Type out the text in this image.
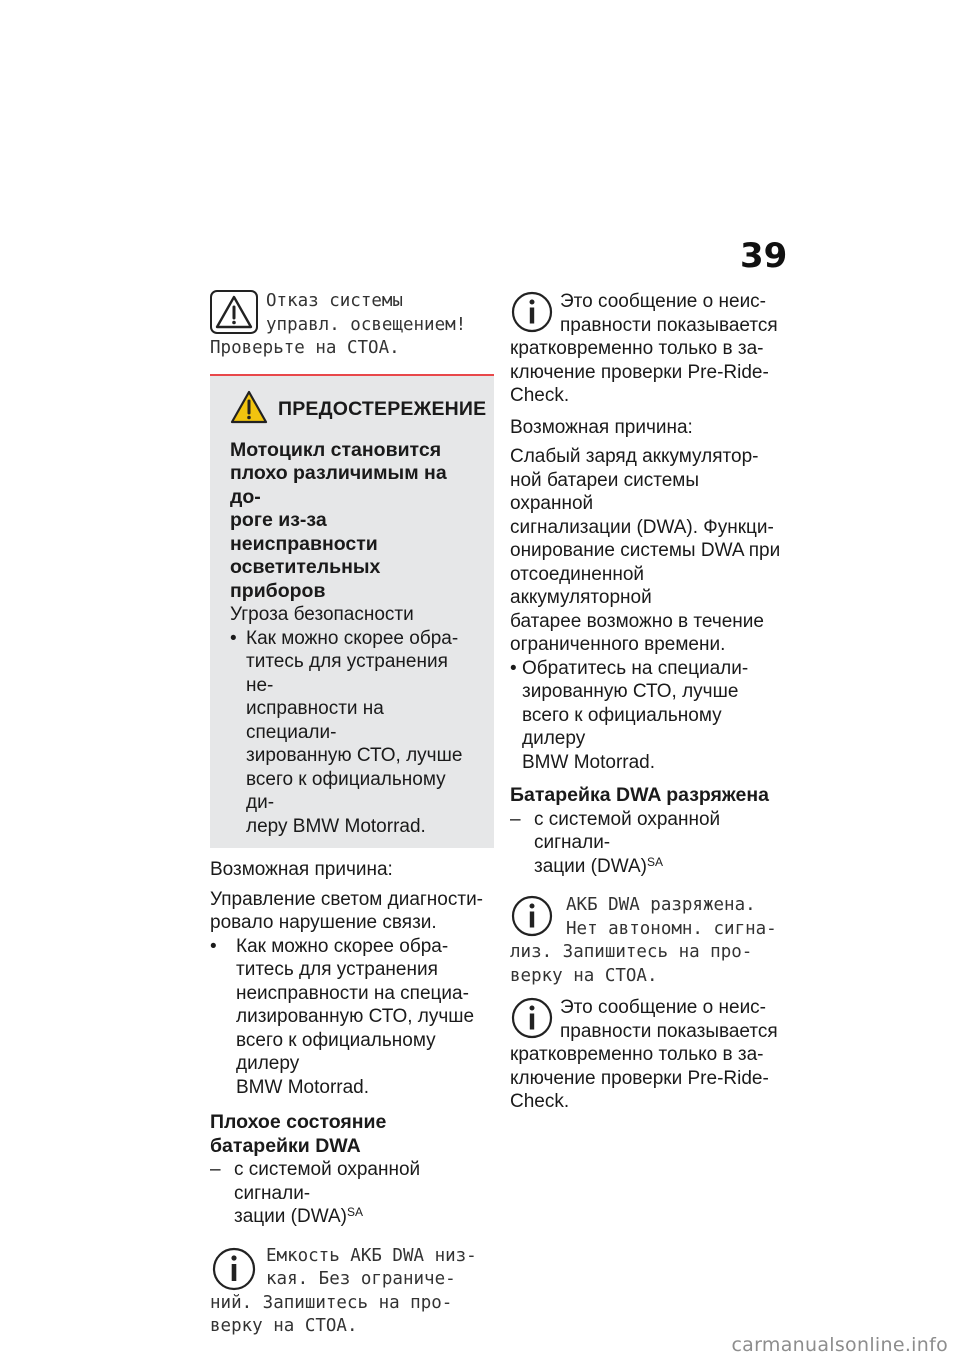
39
Отказ системы
управл. освещением!
Проверьте на СТОА.
ПРЕДОСТЕРЕЖЕНИЕ
Мотоцикл становится
плохо различимым на до-
роге из-за неисправности
осветительных приборов

Угроза безопасности

• Как можно скорее обра-
титесь для устранения не-
исправности на специали-
зированную СТО, лучше
всего к официальному ди-
леру BMW Motorrad.

Возможная причина:

Управление светом диагности-
ровало нарушение связи.
• Как можно скорее обра-
титесь для устранения
неисправности на специа-
лизированную СТО, лучше
всего к официальному дилеру
BMW Motorrad.
Плохое состояние
батарейки DWA
– с системой охранной сигнали-
зации (DWA)$^{SA}$
Емкость АКБ DWA низ-
кая. Без ограниче-
ний. Запишитесь на про-
верку на СТОА.
Это сообщение о неис-
правности показывается
кратковременно только в за-
ключение проверки Pre-Ride-
Check.

Возможная причина:

Слабый заряд аккумулятор-
ной батареи системы охранной
сигнализации (DWA). Функци-
онирование системы DWA при
отсоединенной аккумуляторной
батарее возможно в течение
ограниченного времени.
• Обратитесь на специали-
зированную СТО, лучше
всего к официальному дилеру
BMW Motorrad.
Батарейка DWA разряжена
– с системой охранной сигнали-
зации (DWA)$^{SA}$
АКБ DWA разряжена.
Нет автономн. сигна-
лиз. Запишитесь на про-
верку на СТОА.
Это сообщение о неис-
правности показывается
кратковременно только в за-
ключение проверки Pre-Ride-
Check.
carmanualsonline.info
